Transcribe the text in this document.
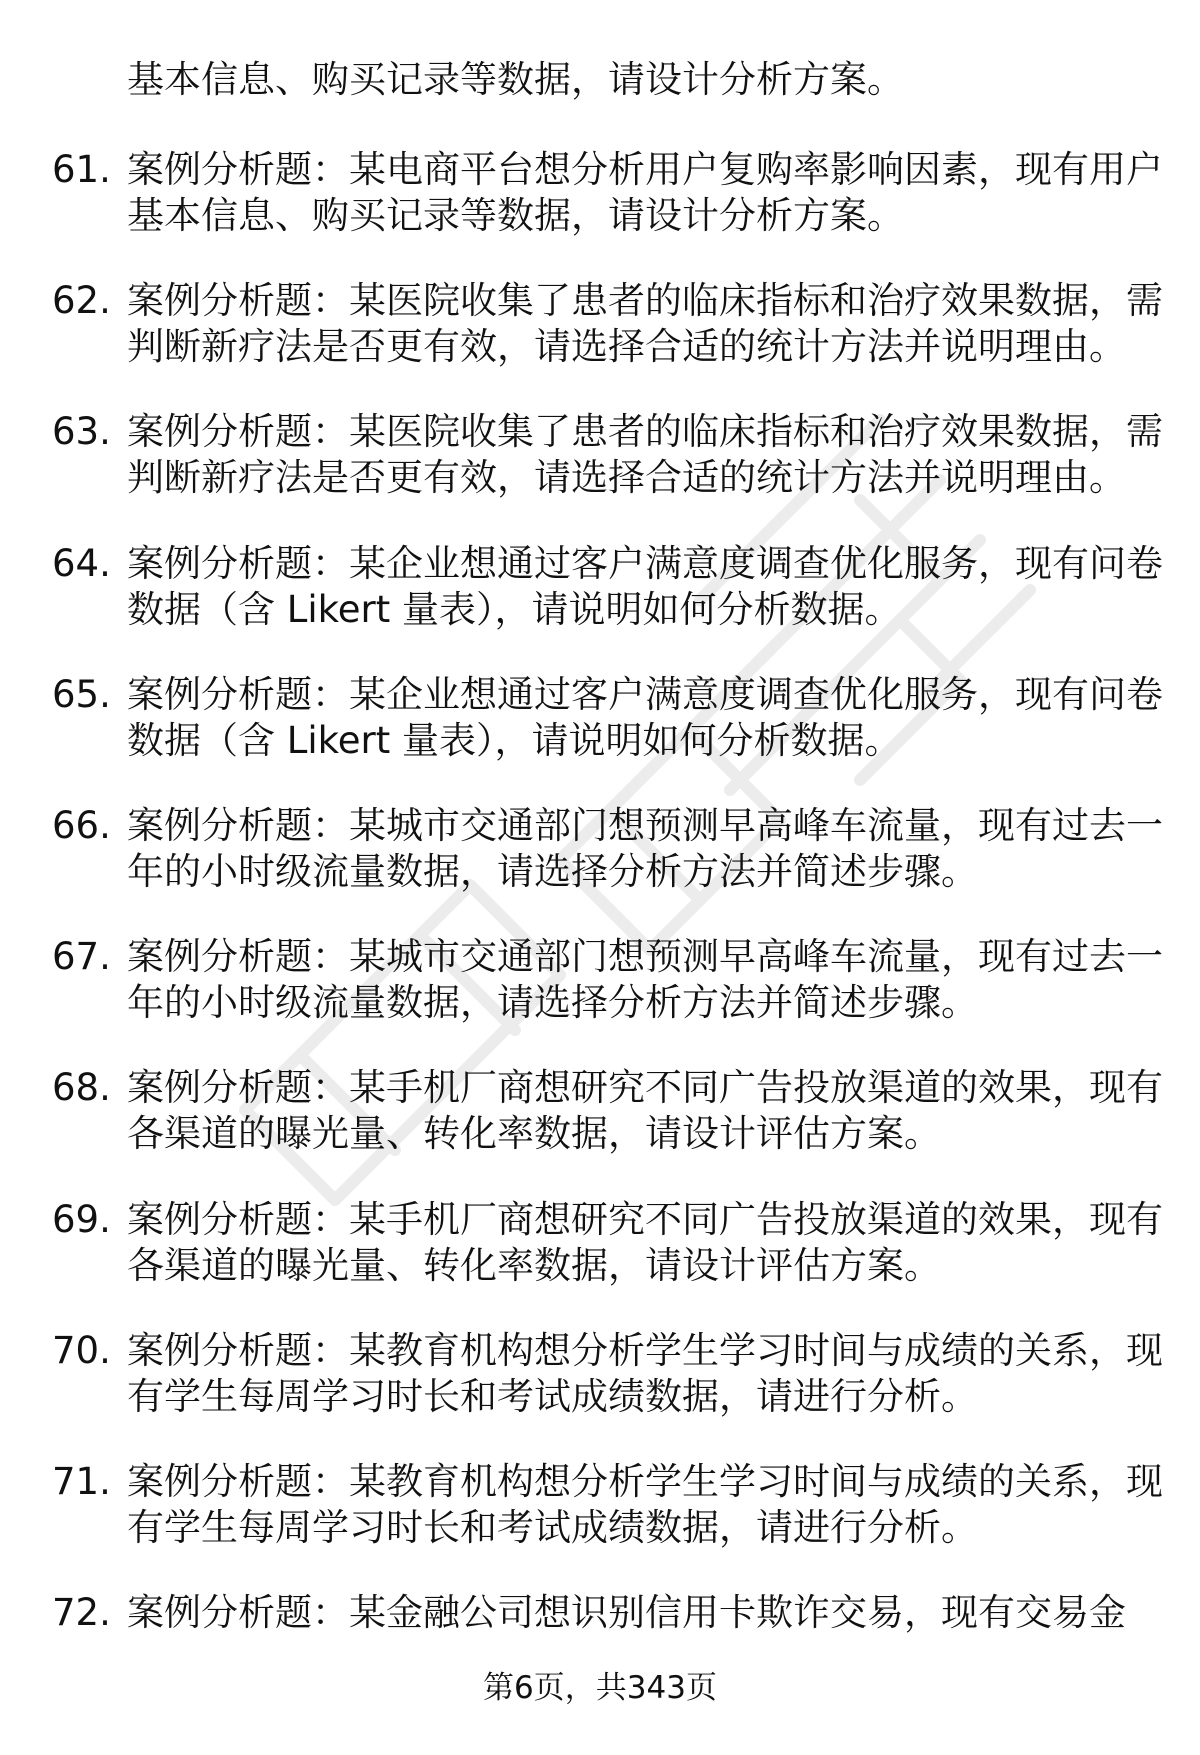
基本信息、购买记录等数据，请设计分析方案。
61. 案例分析题：某电商平台想分析用户复购率影响因素，现有用户
基本信息、购买记录等数据，请设计分析方案。
62. 案例分析题：某医院收集了患者的临床指标和治疗效果数据，需
判断新疗法是否更有效，请选择合适的统计方法并说明理由。
63. 案例分析题：某医院收集了患者的临床指标和治疗效果数据，需
判断新疗法是否更有效，请选择合适的统计方法并说明理由。
64. 案例分析题：某企业想通过客户满意度调查优化服务，现有问卷
数据（含 Likert 量表），请说明如何分析数据。
65. 案例分析题：某企业想通过客户满意度调查优化服务，现有问卷
数据（含 Likert 量表），请说明如何分析数据。
66. 案例分析题：某城市交通部门想预测早高峰车流量，现有过去一
年的小时级流量数据，请选择分析方法并简述步骤。
67. 案例分析题：某城市交通部门想预测早高峰车流量，现有过去一
年的小时级流量数据，请选择分析方法并简述步骤。
68. 案例分析题：某手机厂商想研究不同广告投放渠道的效果，现有
各渠道的曝光量、转化率数据，请设计评估方案。
69. 案例分析题：某手机厂商想研究不同广告投放渠道的效果，现有
各渠道的曝光量、转化率数据，请设计评估方案。
70. 案例分析题：某教育机构想分析学生学习时间与成绩的关系，现
有学生每周学习时长和考试成绩数据，请进行分析。
71. 案例分析题：某教育机构想分析学生学习时间与成绩的关系，现
有学生每周学习时长和考试成绩数据，请进行分析。
72. 案例分析题：某金融公司想识别信用卡欺诈交易，现有交易金
第6页，共343页
